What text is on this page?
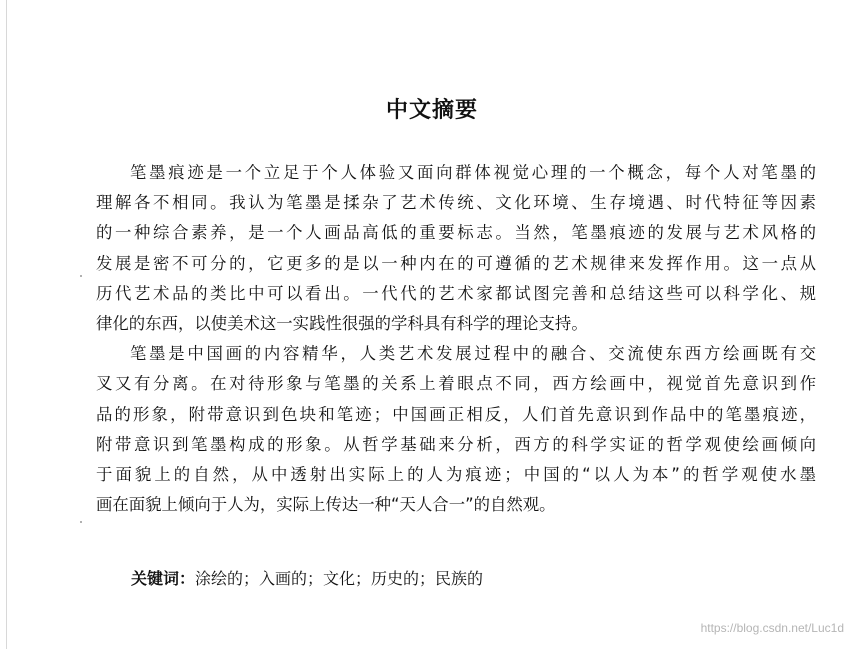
中文摘要
笔墨痕迹是一个立足于个人体验又面向群体视觉心理的一个概念，每个人对笔墨的
理解各不相同。我认为笔墨是揉杂了艺术传统、文化环境、生存境遇、时代特征等因素
的一种综合素养，是一个人画品高低的重要标志。当然，笔墨痕迹的发展与艺术风格的
发展是密不可分的，它更多的是以一种内在的可遵循的艺术规律来发挥作用。这一点从
历代艺术品的类比中可以看出。一代代的艺术家都试图完善和总结这些可以科学化、规
律化的东西，以使美术这一实践性很强的学科具有科学的理论支持。
笔墨是中国画的内容精华，人类艺术发展过程中的融合、交流使东西方绘画既有交
叉又有分离。在对待形象与笔墨的关系上着眼点不同，西方绘画中，视觉首先意识到作
品的形象，附带意识到色块和笔迹；中国画正相反，人们首先意识到作品中的笔墨痕迹，
附带意识到笔墨构成的形象。从哲学基础来分析，西方的科学实证的哲学观使绘画倾向
于面貌上的自然，从中透射出实际上的人为痕迹；中国的“以人为本”的哲学观使水墨
画在面貌上倾向于人为，实际上传达一种“天人合一”的自然观。
关键词：涂绘的；入画的；文化；历史的；民族的
https://blog.csdn.net/Luc1d
